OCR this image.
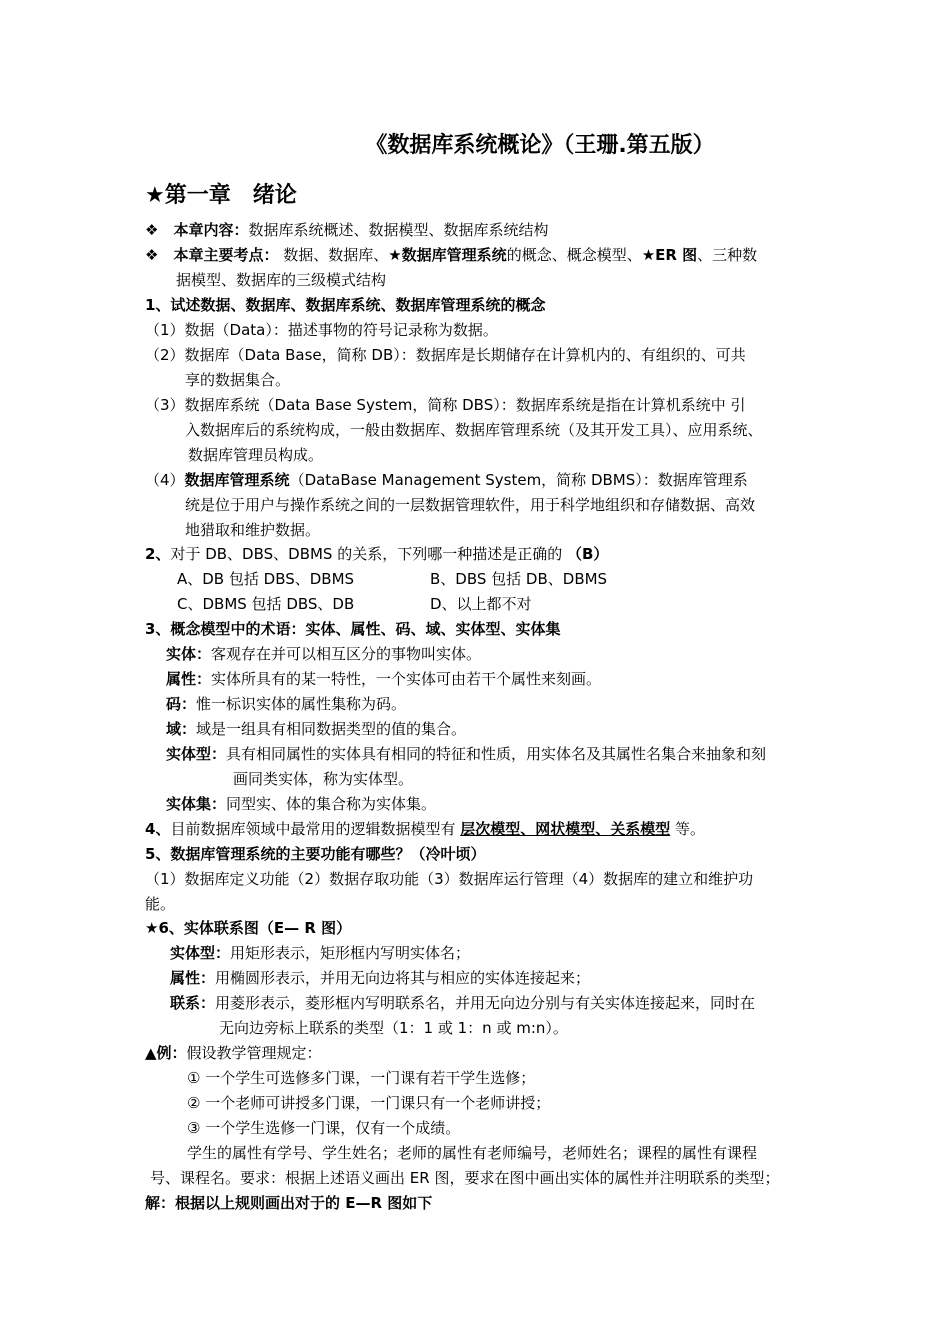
《数据库系统概论》（王珊.第五版）
★第一章　绪论
❖　本章内容：数据库系统概述、数据模型、数据库系统结构
❖　本章主要考点： 数据、数据库、★数据库管理系统的概念、概念模型、★ER 图、三种数
据模型、数据库的三级模式结构
1、试述数据、数据库、数据库系统、数据库管理系统的概念
（1）数据（Data）：描述事物的符号记录称为数据。
（2）数据库（Data Base，简称 DB）：数据库是长期储存在计算机内的、有组织的、可共
享的数据集合。
（3）数据库系统（Data Base System，简称 DBS）：数据库系统是指在计算机系统中 引
入数据库后的系统构成，一般由数据库、数据库管理系统（及其开发工具）、应用系统、
数据库管理员构成。
（4）数据库管理系统（DataBase Management System，简称 DBMS）：数据库管理系
统是位于用户与操作系统之间的一层数据管理软件，用于科学地组织和存储数据、高效
地猎取和维护数据。
2、对于 DB、DBS、DBMS 的关系，下列哪一种描述是正确的 （B）
A、DB 包括 DBS、DBMS	B、DBS 包括 DB、DBMS
C、DBMS 包括 DBS、DB	D、以上都不对
3、概念模型中的术语：实体、属性、码、域、实体型、实体集
实体：客观存在并可以相互区分的事物叫实体。
属性：实体所具有的某一特性，一个实体可由若干个属性来刻画。
码：惟一标识实体的属性集称为码。
域：域是一组具有相同数据类型的值的集合。
实体型：具有相同属性的实体具有相同的特征和性质，用实体名及其属性名集合来抽象和刻
画同类实体，称为实体型。
实体集：同型实、体的集合称为实体集。
4、目前数据库领域中最常用的逻辑数据模型有 层次模型、网状模型、关系模型 等。
5、数据库管理系统的主要功能有哪些？（冷叶顷）
（1）数据库定义功能（2）数据存取功能（3）数据库运行管理（4）数据库的建立和维护功
能。
★6、实体联系图（E— R 图）
实体型：用矩形表示，矩形框内写明实体名；
属性：用椭圆形表示，并用无向边将其与相应的实体连接起来；
联系：用菱形表示，菱形框内写明联系名，并用无向边分别与有关实体连接起来，同时在
无向边旁标上联系的类型（1：1 或 1：n 或 m:n）。
▲例：假设教学管理规定：
① 一个学生可选修多门课，一门课有若干学生选修；
② 一个老师可讲授多门课，一门课只有一个老师讲授；
③ 一个学生选修一门课，仅有一个成绩。
学生的属性有学号、学生姓名；老师的属性有老师编号，老师姓名；课程的属性有课程
号、课程名。要求：根据上述语义画出 ER 图，要求在图中画出实体的属性并注明联系的类型；
解：根据以上规则画出对于的 E—R 图如下
